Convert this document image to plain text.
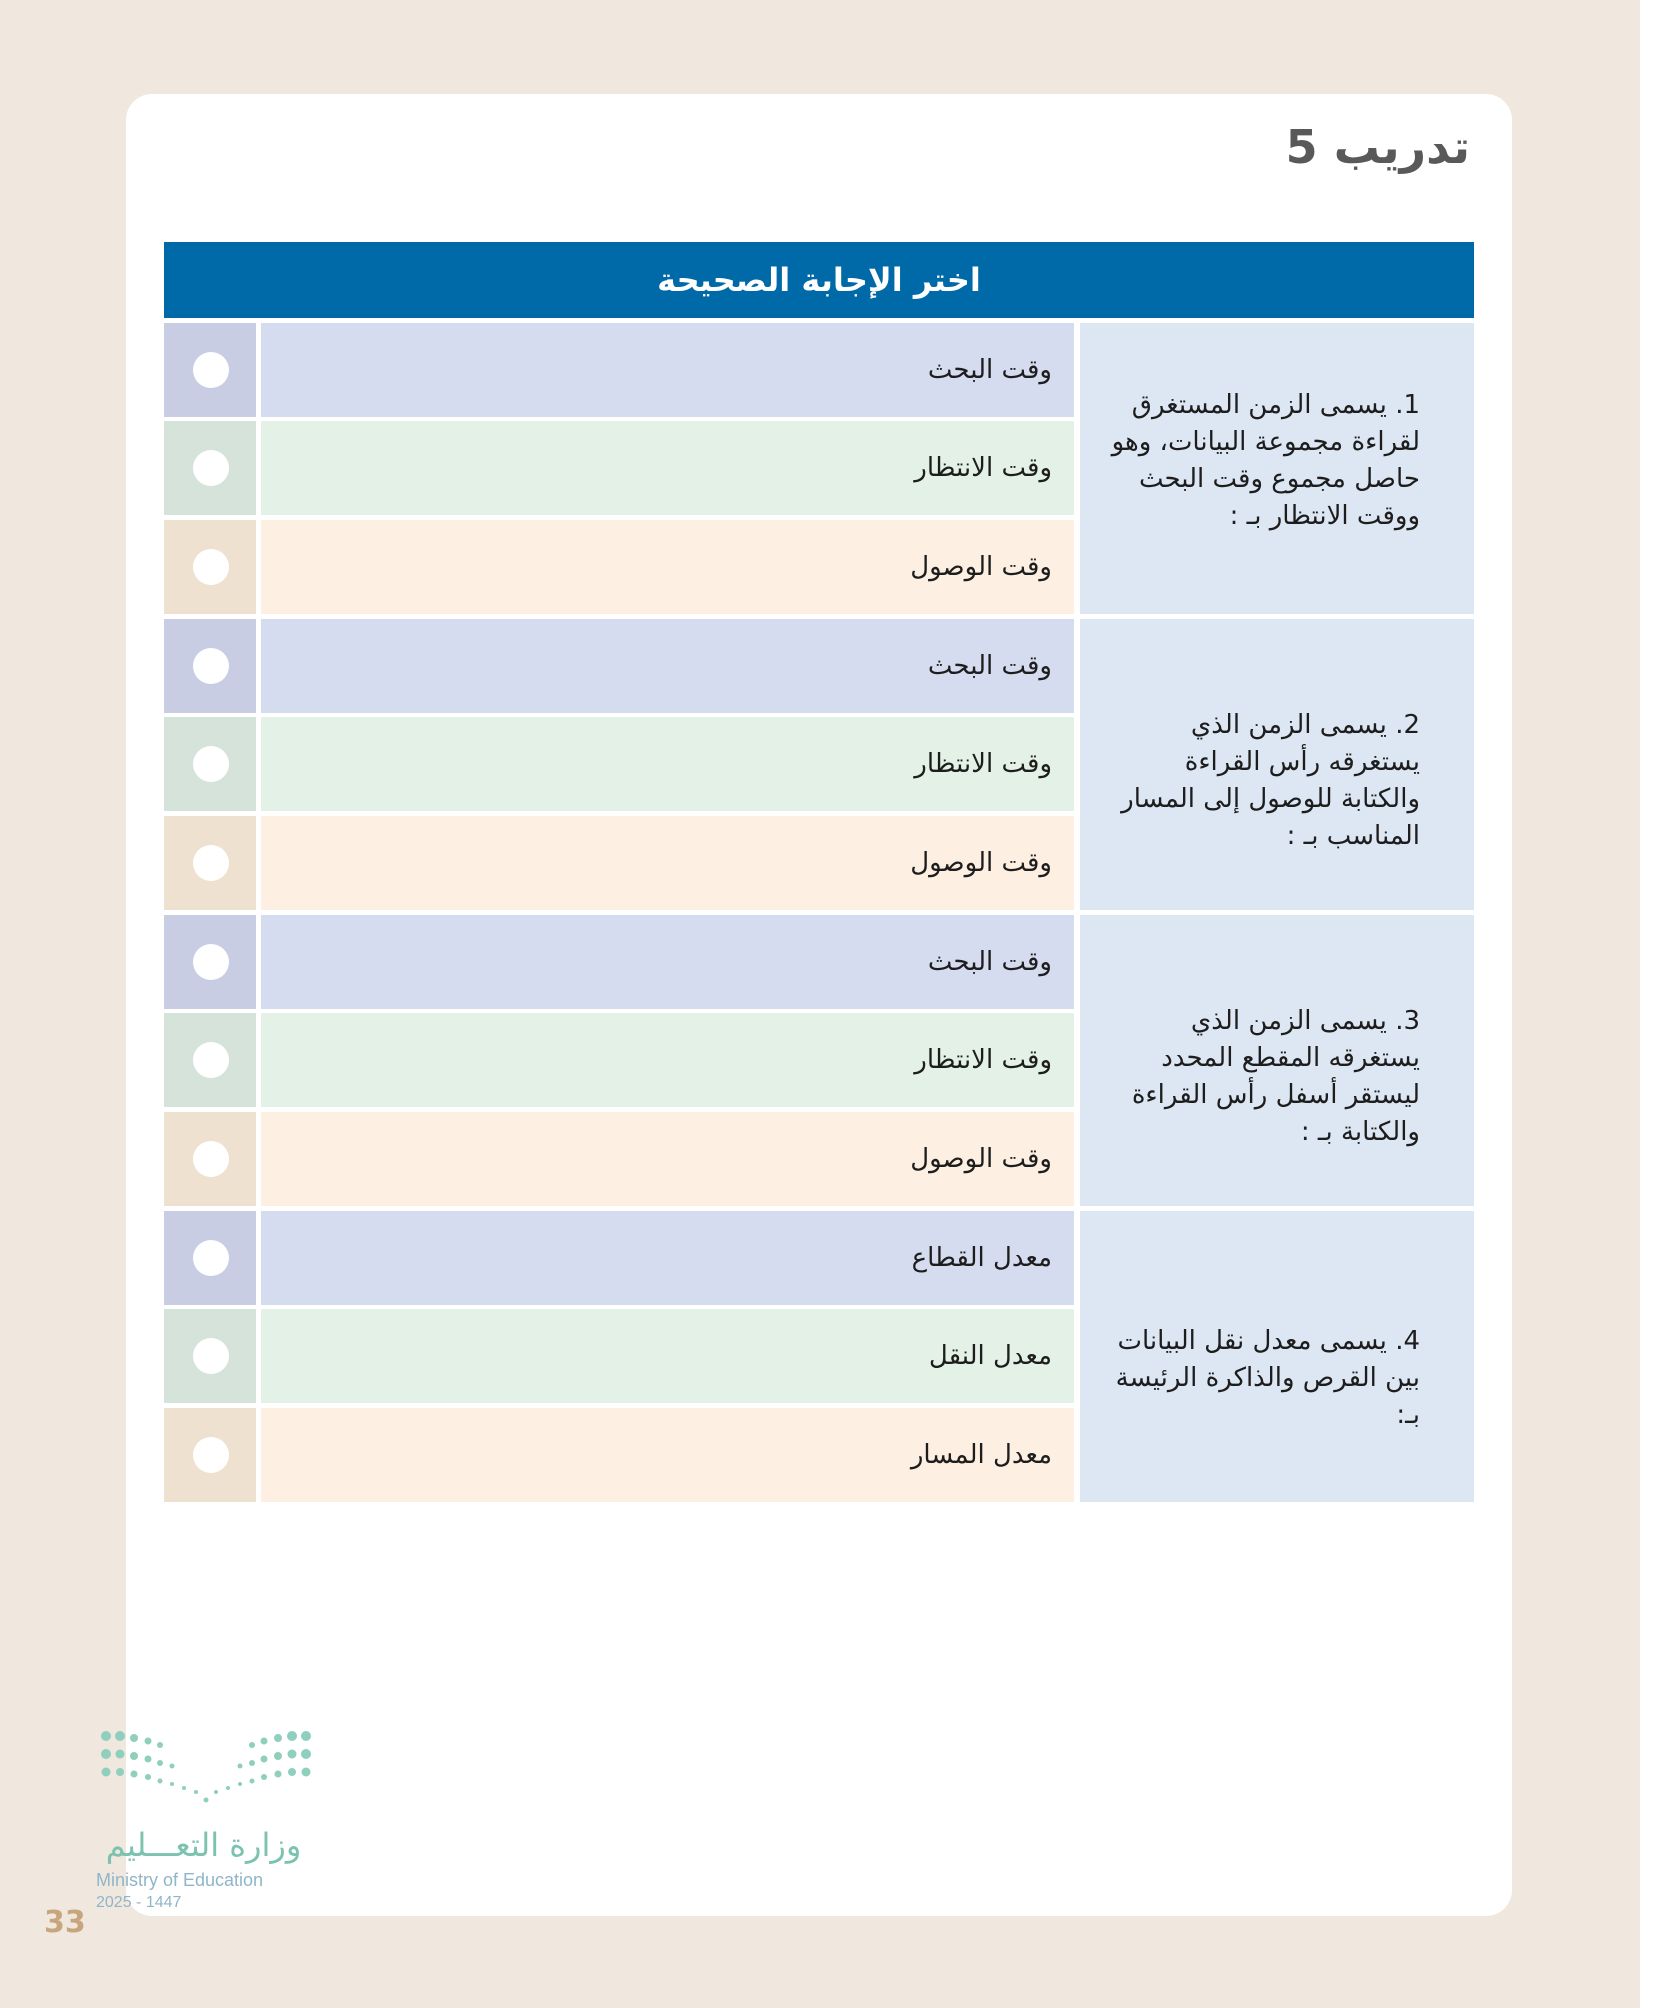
تدريب 5
اختر الإجابة الصحيحة
1. يسمى الزمن المستغرق لقراءة مجموعة البيانات، وهو حاصل مجموع وقت البحث ووقت الانتظار بـ :
وقت البحث
وقت الانتظار
وقت الوصول
2. يسمى الزمن الذي يستغرقه رأس القراءة والكتابة للوصول إلى المسار المناسب بـ :
وقت البحث
وقت الانتظار
وقت الوصول
3. يسمى الزمن الذي يستغرقه المقطع المحدد ليستقر أسفل رأس القراءة والكتابة بـ :
وقت البحث
وقت الانتظار
وقت الوصول
4. يسمى معدل نقل البيانات بين القرص والذاكرة الرئيسة بـ:
معدل القطاع
معدل النقل
معدل المسار
وزارة التعـــليم
Ministry of Education
2025 - 1447
33
